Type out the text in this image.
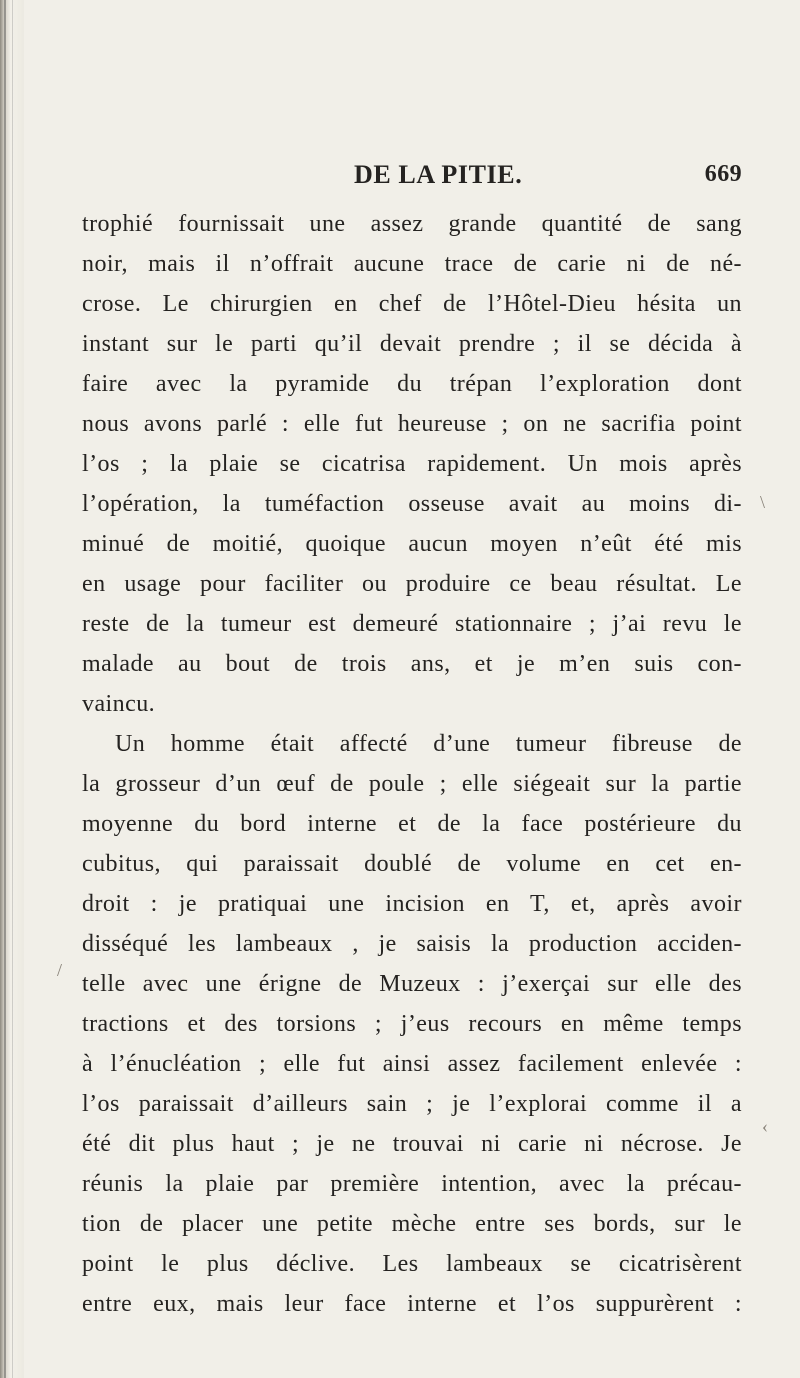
DE LA PITIE.	669
trophié fournissait une assez grande quantité de sang
noir, mais il n’offrait aucune trace de carie ni de né-
crose. Le chirurgien en chef de l’Hôtel-Dieu hésita un
instant sur le parti qu’il devait prendre ; il se décida à
faire avec la pyramide du trépan l’exploration dont
nous avons parlé : elle fut heureuse ; on ne sacrifia point
l’os ; la plaie se cicatrisa rapidement. Un mois après
l’opération, la tuméfaction osseuse avait au moins di-
minué de moitié, quoique aucun moyen n’eût été mis
en usage pour faciliter ou produire ce beau résultat. Le
reste de la tumeur est demeuré stationnaire ; j’ai revu le
malade au bout de trois ans, et je m’en suis con-
vaincu.
Un homme était affecté d’une tumeur fibreuse de
la grosseur d’un œuf de poule ; elle siégeait sur la partie
moyenne du bord interne et de la face postérieure du
cubitus, qui paraissait doublé de volume en cet en-
droit : je pratiquai une incision en T, et, après avoir
disséqué les lambeaux , je saisis la production acciden-
telle avec une érigne de Muzeux : j’exerçai sur elle des
tractions et des torsions ; j’eus recours en même temps
à l’énucléation ; elle fut ainsi assez facilement enlevée :
l’os paraissait d’ailleurs sain ; je l’explorai comme il a
été dit plus haut ; je ne trouvai ni carie ni nécrose. Je
réunis la plaie par première intention, avec la précau-
tion de placer une petite mèche entre ses bords, sur le
point le plus déclive. Les lambeaux se cicatrisèrent
entre eux, mais leur face interne et l’os suppurèrent :
\
/
‹
